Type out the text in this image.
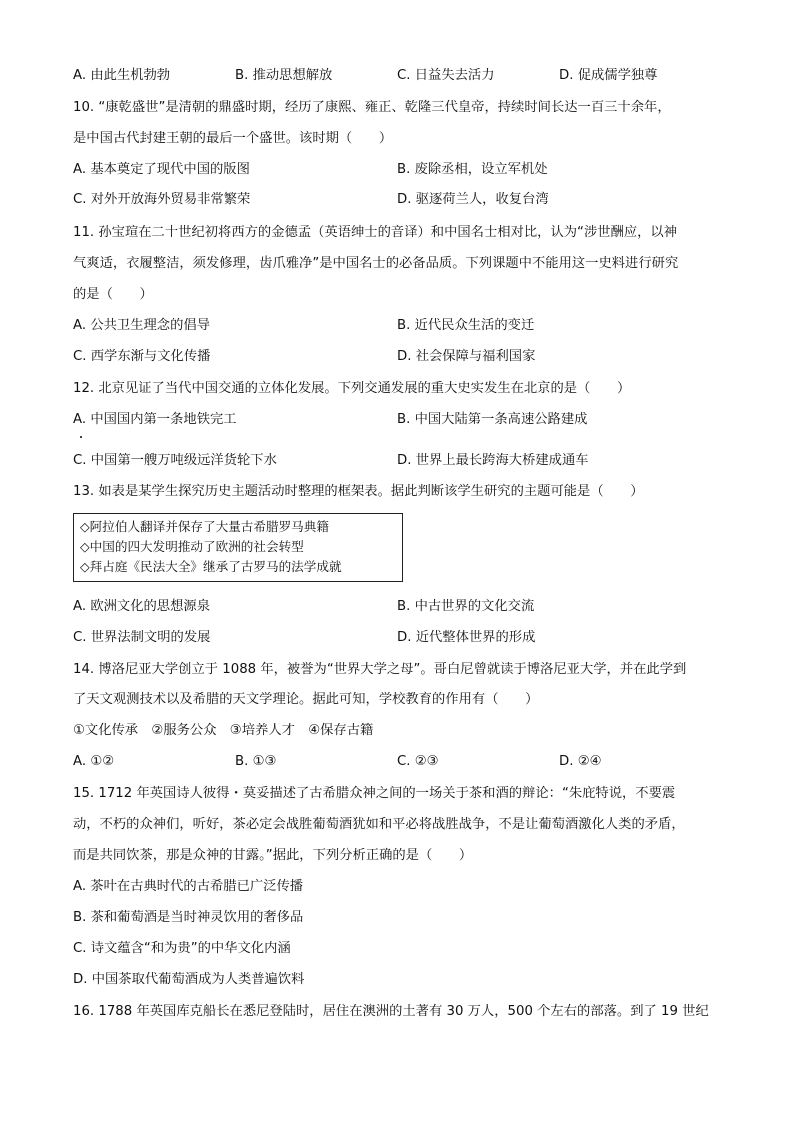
A. 由此生机勃勃	B. 推动思想解放	C. 日益失去活力	D. 促成儒学独尊
10. “康乾盛世”是清朝的鼎盛时期，经历了康熙、雍正、乾隆三代皇帝，持续时间长达一百三十余年，
是中国古代封建王朝的最后一个盛世。该时期（　　）
A. 基本奠定了现代中国的版图	B. 废除丞相，设立军机处
C. 对外开放海外贸易非常繁荣	D. 驱逐荷兰人，收复台湾
11. 孙宝瑄在二十世纪初将西方的金德孟（英语绅士的音译）和中国名士相对比，认为“涉世酬应，以神
气爽适，衣履整洁，须发修理，齿爪雅净”是中国名士的必备品质。下列课题中不能用这一史料进行研究
的是（　　）
A. 公共卫生理念的倡导	B. 近代民众生活的变迁
C. 西学东渐与文化传播	D. 社会保障与福利国家
12. 北京见证了当代中国交通的立体化发展。下列交通发展的重大史实发生在北京的是（　　）
A. 中国国内第一条地铁完工	B. 中国大陆第一条高速公路建成
C. 中国第一艘万吨级远洋货轮下水	D. 世界上最长跨海大桥建成通车
13. 如表是某学生探究历史主题活动时整理的框架表。据此判断该学生研究的主题可能是（　　）
◇阿拉伯人翻译并保存了大量古希腊罗马典籍
◇中国的四大发明推动了欧洲的社会转型
◇拜占庭《民法大全》继承了古罗马的法学成就
A. 欧洲文化的思想源泉	B. 中古世界的文化交流
C. 世界法制文明的发展	D. 近代整体世界的形成
14. 博洛尼亚大学创立于 1088 年，被誉为“世界大学之母”。哥白尼曾就读于博洛尼亚大学，并在此学到
了天文观测技术以及希腊的天文学理论。据此可知，学校教育的作用有（　　）
①文化传承　②服务公众　③培养人才　④保存古籍
A. ①②	B. ①③	C. ②③	D. ②④
15. 1712 年英国诗人彼得・莫妥描述了古希腊众神之间的一场关于茶和酒的辩论：“朱庇特说，不要震
动，不朽的众神们，听好，茶必定会战胜葡萄酒犹如和平必将战胜战争，不是让葡萄酒激化人类的矛盾，
而是共同饮茶，那是众神的甘露。”据此，下列分析正确的是（　　）
A. 茶叶在古典时代的古希腊已广泛传播
B. 茶和葡萄酒是当时神灵饮用的奢侈品
C. 诗文蕴含“和为贵”的中华文化内涵
D. 中国茶取代葡萄酒成为人类普遍饮料
16. 1788 年英国库克船长在悉尼登陆时，居住在澳洲的土著有 30 万人，500 个左右的部落。到了 19 世纪
